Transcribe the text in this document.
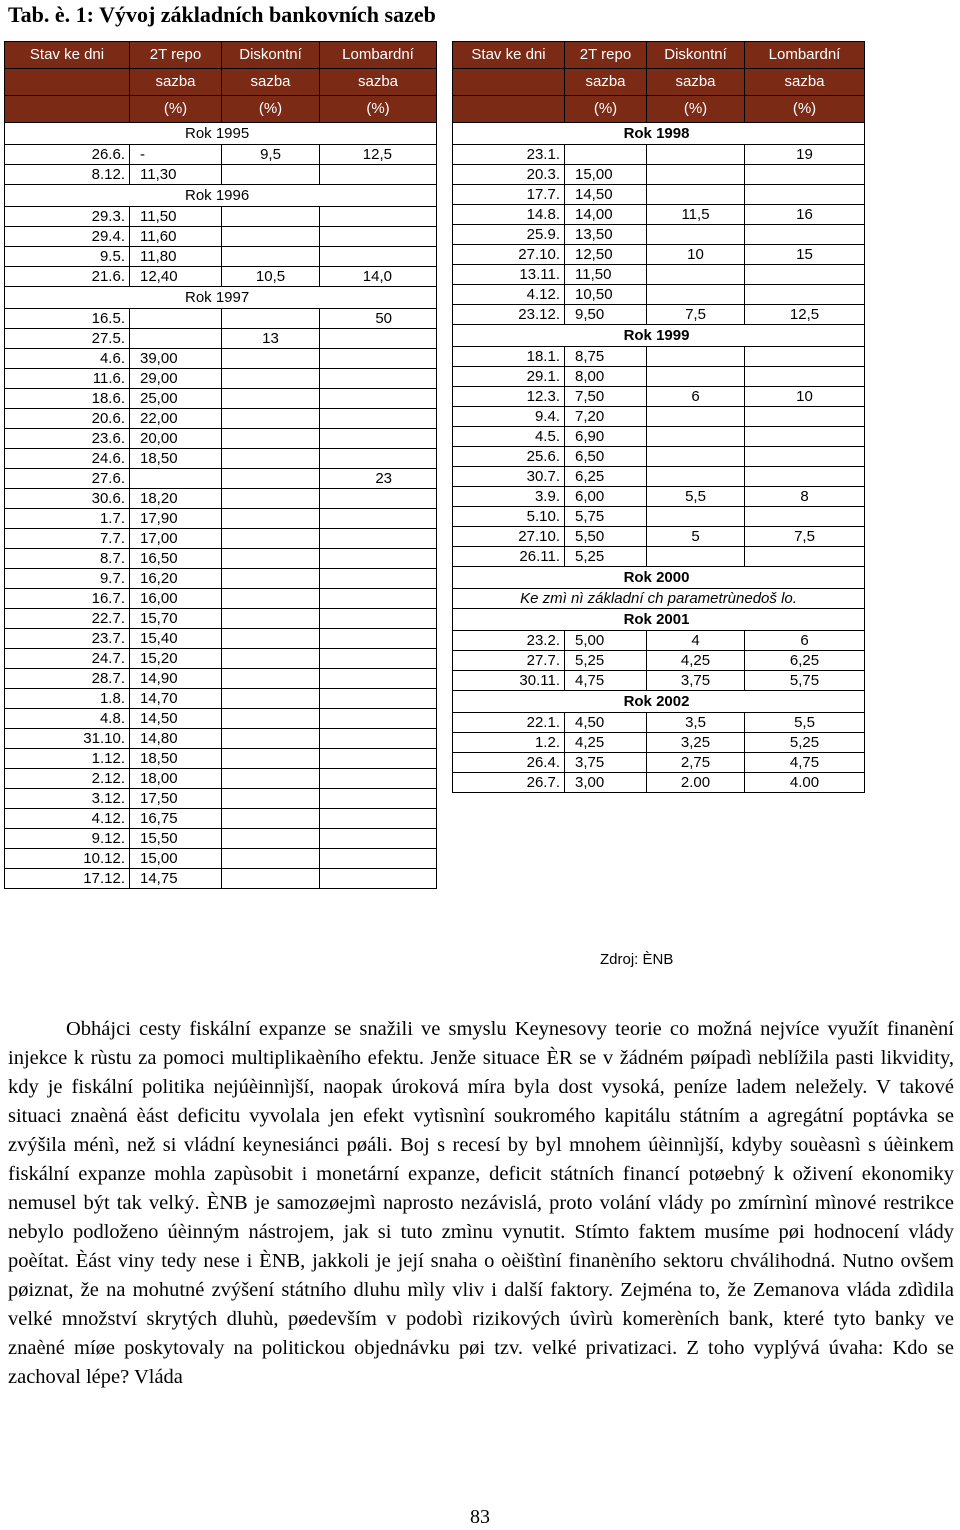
Tab. è. 1: Vývoj základních bankovních sazeb
Stav ke dni	2T repo	Diskontní	Lombardní
	sazba	sazba	sazba
	(%)	(%)	(%)
Rok 1995			
26.6.	-	9,5	12,5
8.12.	11,30		
Rok 1996			
29.3.	11,50		
29.4.	11,60		
9.5.	11,80		
21.6.	12,40	10,5	14,0
Rok 1997			
16.5.			50
27.5.		13	
4.6.	39,00		
11.6.	29,00		
18.6.	25,00		
20.6.	22,00		
23.6.	20,00		
24.6.	18,50		
27.6.			23
30.6.	18,20		
1.7.	17,90		
7.7.	17,00		
8.7.	16,50		
9.7.	16,20		
16.7.	16,00		
22.7.	15,70		
23.7.	15,40		
24.7.	15,20		
28.7.	14,90		
1.8.	14,70		
4.8.	14,50		
31.10.	14,80		
1.12.	18,50		
2.12.	18,00		
3.12.	17,50		
4.12.	16,75		
9.12.	15,50		
10.12.	15,00		
17.12.	14,75		
Stav ke dni	2T repo	Diskontní	Lombardní
	sazba	sazba	sazba
	(%)	(%)	(%)
Rok 1998			
23.1.			19
20.3.	15,00		
17.7.	14,50		
14.8.	14,00	11,5	16
25.9.	13,50		
27.10.	12,50	10	15
13.11.	11,50		
4.12.	10,50		
23.12.	9,50	7,5	12,5
Rok 1999			
18.1.	8,75		
29.1.	8,00		
12.3.	7,50	6	10
9.4.	7,20		
4.5.	6,90		
25.6.	6,50		
30.7.	6,25		
3.9.	6,00	5,5	8
5.10.	5,75		
27.10.	5,50	5	7,5
26.11.	5,25		
Rok 2000			
Ke zmì nì základní ch parametrùnedoš lo.			
Rok 2001			
23.2.	5,00	4	6
27.7.	5,25	4,25	6,25
30.11.	4,75	3,75	5,75
Rok 2002			
22.1.	4,50	3,5	5,5
1.2.	4,25	3,25	5,25
26.4.	3,75	2,75	4,75
26.7.	3,00	2.00	4.00

Obhájci cesty fiskální expanze se snažili ve smyslu Keynesovy teorie co možná nejvíce využít finanèní injekce k rùstu za pomoci multiplikaèního efektu. Jenže situace ÈR se v žádném pøípadì neblížila pasti likvidity, kdy je fiskální politika nejúèinnìjší, naopak úroková míra byla dost vysoká, peníze ladem neležely. V takové situaci znaèná èást deficitu vyvolala jen efekt vytìsnìní soukromého kapitálu státním a agregátní poptávka se zvýšila ménì, než si vládní keynesiánci pøáli. Boj s recesí by byl mnohem úèinnìjší, kdyby souèasnì s úèinkem fiskální expanze mohla zapùsobit i monetární expanze, deficit státních financí potøebný k oživení ekonomiky nemusel být tak velký. ÈNB je samozøejmì naprosto nezávislá, proto volání vlády po zmírnìní mìnové restrikce nebylo podloženo úèinným nástrojem, jak si tuto zmìnu vynutit. Stímto faktem musíme pøi hodnocení vlády poèítat. Èást viny tedy nese i ÈNB, jakkoli je její snaha o oèištìní finanèního sektoru chválihodná. Nutno ovšem pøiznat, že na mohutné zvýšení státního dluhu mìly vliv i další faktory. Zejména to, že Zemanova vláda zdìdila velké množství skrytých dluhù, pøedevším v podobì rizikových úvìrù komerèních bank, které tyto banky ve znaèné míøe poskytovaly na politickou objednávku pøi tzv. velké privatizaci. Z toho vyplývá úvaha: Kdo se zachoval lépe? Vláda

83
Zdroj: ÈNB
